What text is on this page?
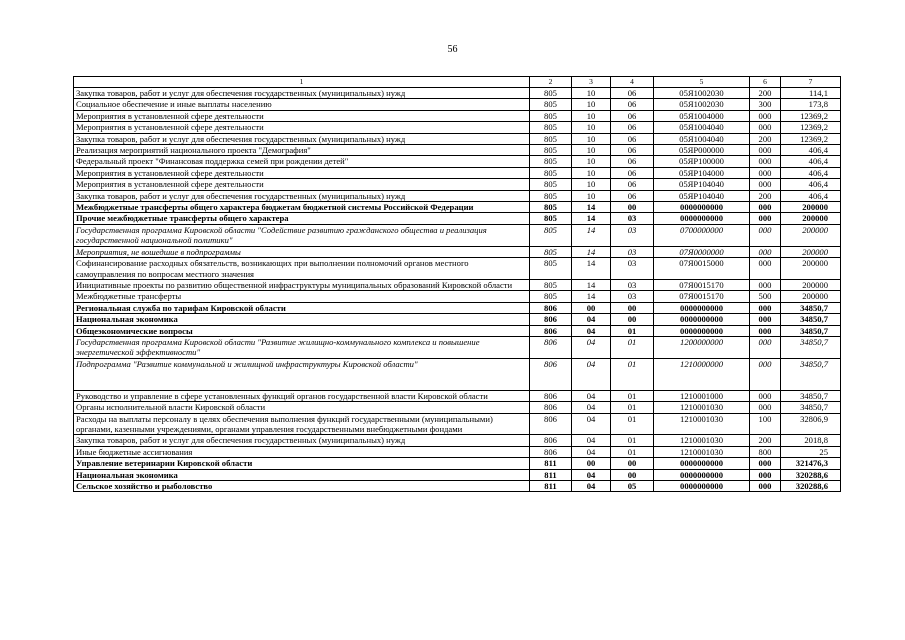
56
1	2	3	4	5	6	7
Закупка товаров, работ и услуг для обеспечения государственных (муниципальных) нужд	805	10	06	05Я1002030	200	114,1
Социальное обеспечение и иные выплаты населению	805	10	06	05Я1002030	300	173,8
Мероприятия в установленной сфере деятельности	805	10	06	05Я1004000	000	12369,2
Мероприятия в установленной сфере деятельности	805	10	06	05Я1004040	000	12369,2
Закупка товаров, работ и услуг для обеспечения государственных (муниципальных) нужд	805	10	06	05Я1004040	200	12369,2
Реализация мероприятий национального проекта "Демография"	805	10	06	05ЯP000000	000	406,4
Федеральный проект "Финансовая поддержка семей при рождении детей"	805	10	06	05ЯP100000	000	406,4
Мероприятия в установленной сфере деятельности	805	10	06	05ЯP104000	000	406,4
Мероприятия в установленной сфере деятельности	805	10	06	05ЯP104040	000	406,4
Закупка товаров, работ и услуг для обеспечения государственных (муниципальных) нужд	805	10	06	05ЯP104040	200	406,4
Межбюджетные трансферты общего характера бюджетам бюджетной системы Российской Федерации	805	14	00	0000000000	000	200000
Прочие межбюджетные трансферты общего характера	805	14	03	0000000000	000	200000
Государственная программа Кировской области "Содействие развитию гражданского общества и реализация государственной национальной политики"	805	14	03	0700000000	000	200000
Мероприятия, не вошедшие в подпрограммы	805	14	03	07Я0000000	000	200000
Софинансирование расходных обязательств, возникающих при выполнении полномочий органов местного самоуправления по вопросам местного значения	805	14	03	07Я0015000	000	200000
Инициативные проекты по развитию общественной инфраструктуры муниципальных образований Кировской области	805	14	03	07Я0015170	000	200000
Межбюджетные трансферты	805	14	03	07Я0015170	500	200000
Региональная служба по тарифам Кировской области	806	00	00	0000000000	000	34850,7
Национальная экономика	806	04	00	0000000000	000	34850,7
Общеэкономические вопросы	806	04	01	0000000000	000	34850,7
Государственная программа Кировской области "Развитие жилищно-коммунального комплекса и повышение энергетической эффективности"	806	04	01	1200000000	000	34850,7
Подпрограмма "Развитие коммунальной и жилищной инфраструктуры Кировской области"	806	04	01	1210000000	000	34850,7
Руководство и управление в сфере установленных функций органов государственной власти Кировской области	806	04	01	1210001000	000	34850,7
Органы исполнительной власти Кировской области	806	04	01	1210001030	000	34850,7
Расходы на выплаты персоналу в целях обеспечения выполнения функций государственными (муниципальными) органами, казенными учреждениями, органами управления государственными внебюджетными фондами	806	04	01	1210001030	100	32806,9
Закупка товаров, работ и услуг для обеспечения государственных (муниципальных) нужд	806	04	01	1210001030	200	2018,8
Иные бюджетные ассигнования	806	04	01	1210001030	800	25
Управление ветеринарии Кировской области	811	00	00	0000000000	000	321476,3
Национальная экономика	811	04	00	0000000000	000	320288,6
Сельское хозяйство и рыболовство	811	04	05	0000000000	000	320288,6
